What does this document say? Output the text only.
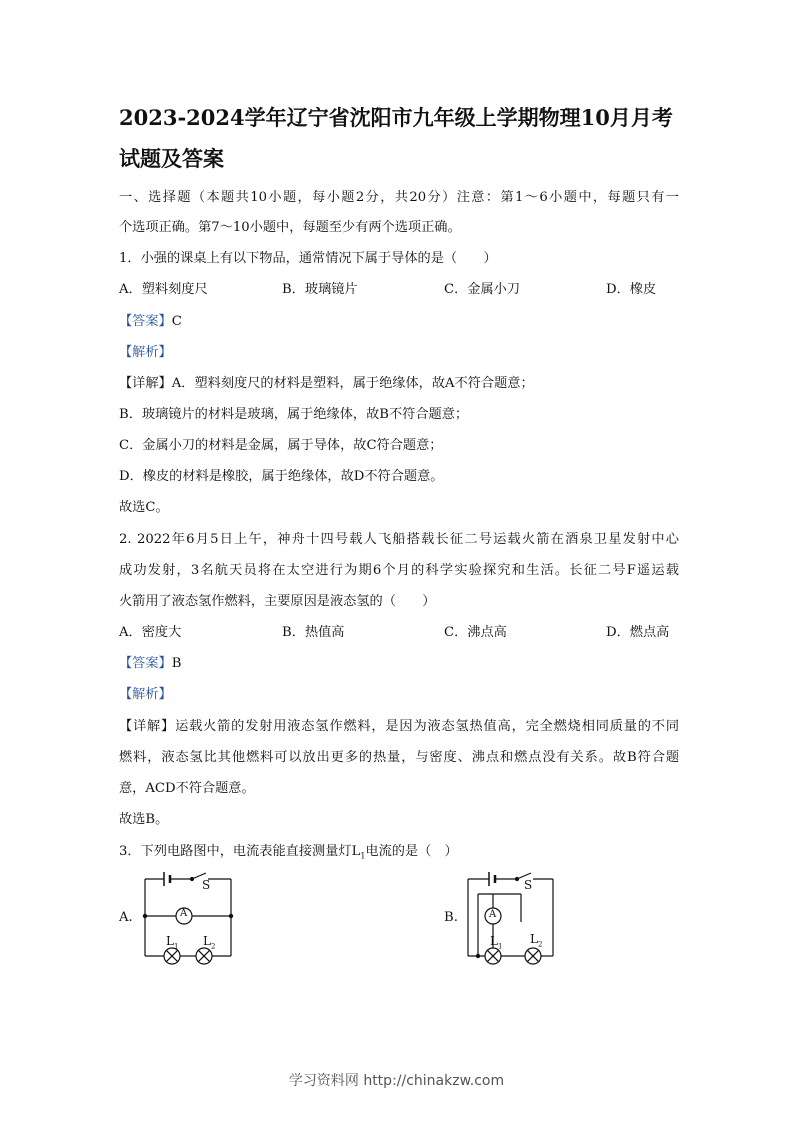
2023-2024学年辽宁省沈阳市九年级上学期物理10月月考
试题及答案
一、选择题（本题共10小题，每小题2分，共20分）注意：第1～6小题中，每题只有一
个选项正确。第7～10小题中，每题至少有两个选项正确。
1．小强的课桌上有以下物品，通常情况下属于导体的是（　　）
A．塑料刻度尺	B．玻璃镜片	C．金属小刀	D．橡皮
【答案】C
【解析】
【详解】A．塑料刻度尺的材料是塑料，属于绝缘体，故A不符合题意；
B．玻璃镜片的材料是玻璃，属于绝缘体，故B不符合题意；
C．金属小刀的材料是金属，属于导体，故C符合题意；
D．橡皮的材料是橡胶，属于绝缘体，故D不符合题意。
故选C。
2. 2022年6月5日上午，神舟十四号载人飞船搭载长征二号运载火箭在酒泉卫星发射中心
成功发射，3名航天员将在太空进行为期6个月的科学实验探究和生活。长征二号F遥运载
火箭用了液态氢作燃料，主要原因是液态氢的（　　）
A．密度大	B．热值高	C．沸点高	D．燃点高
【答案】B
【解析】
【详解】运载火箭的发射用液态氢作燃料，是因为液态氢热值高，完全燃烧相同质量的不同
燃料，液态氢比其他燃料可以放出更多的热量，与密度、沸点和燃点没有关系。故B符合题
意，ACD不符合题意。
故选B。
3．下列电路图中，电流表能直接测量灯$L_1$电流的是（　）
A.	B.
S
A
$L_1$ $L_2$
S
A
$L_1$
$L_2$
学习资料网 http://chinakzw.com
